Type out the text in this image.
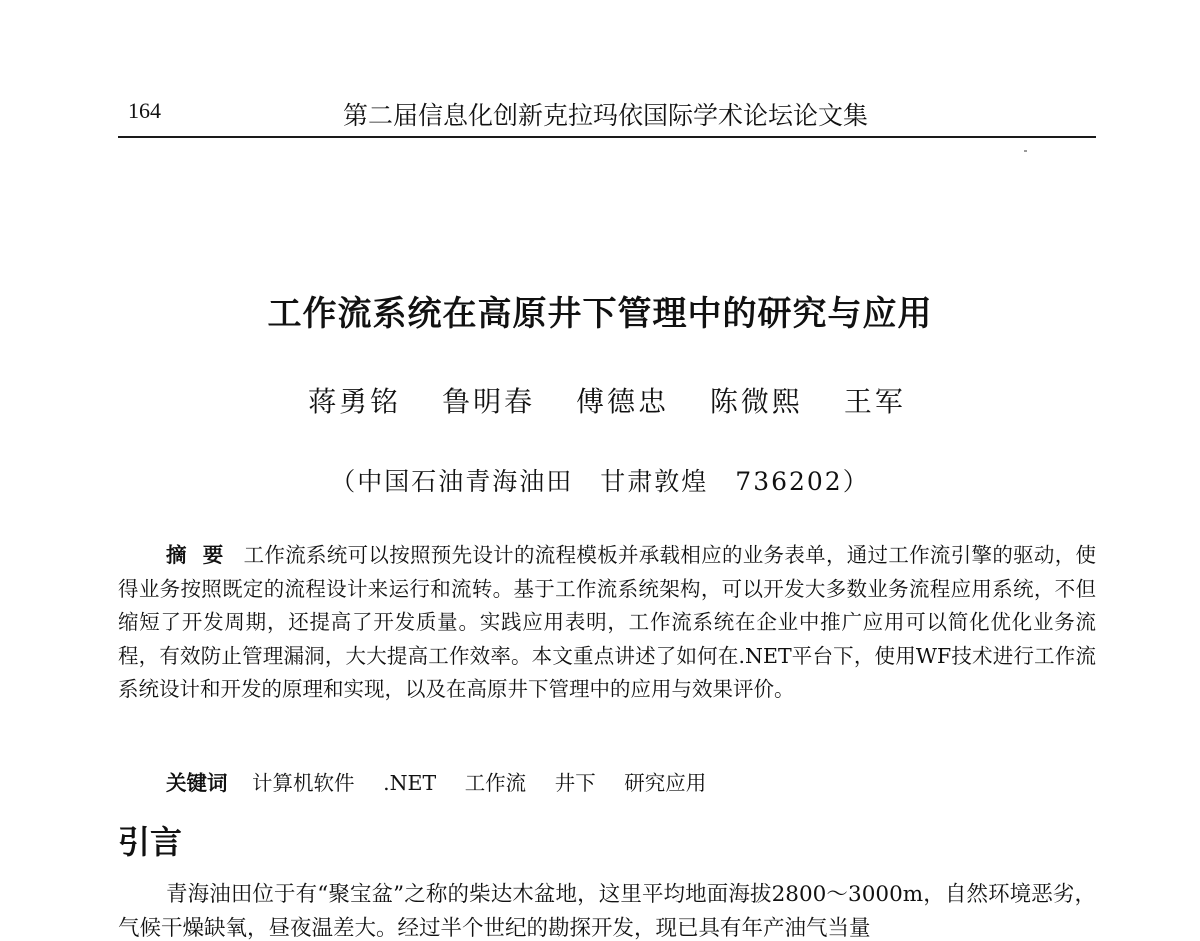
164	第二届信息化创新克拉玛依国际学术论坛论文集
工作流系统在高原井下管理中的研究与应用
蒋勇铭 鲁明春 傅德忠 陈微熙 王军
（中国石油青海油田　甘肃敦煌　736202）

摘要 工作流系统可以按照预先设计的流程模板并承载相应的业务表单，通过工作流引擎的驱动，使得业务按照既定的流程设计来运行和流转。基于工作流系统架构，可以开发大多数业务流程应用系统，不但缩短了开发周期，还提高了开发质量。实践应用表明，工作流系统在企业中推广应用可以简化优化业务流程，有效防止管理漏洞，大大提高工作效率。本文重点讲述了如何在.NET平台下，使用WF技术进行工作流系统设计和开发的原理和实现，以及在高原井下管理中的应用与效果评价。

关键词 计算机软件 .NET 工作流 井下 研究应用
引言

青海油田位于有“聚宝盆”之称的柴达木盆地，这里平均地面海拔2800～3000m，自然环境恶劣，气候干燥缺氧，昼夜温差大。经过半个世纪的勘探开发，现已具有年产油气当量
